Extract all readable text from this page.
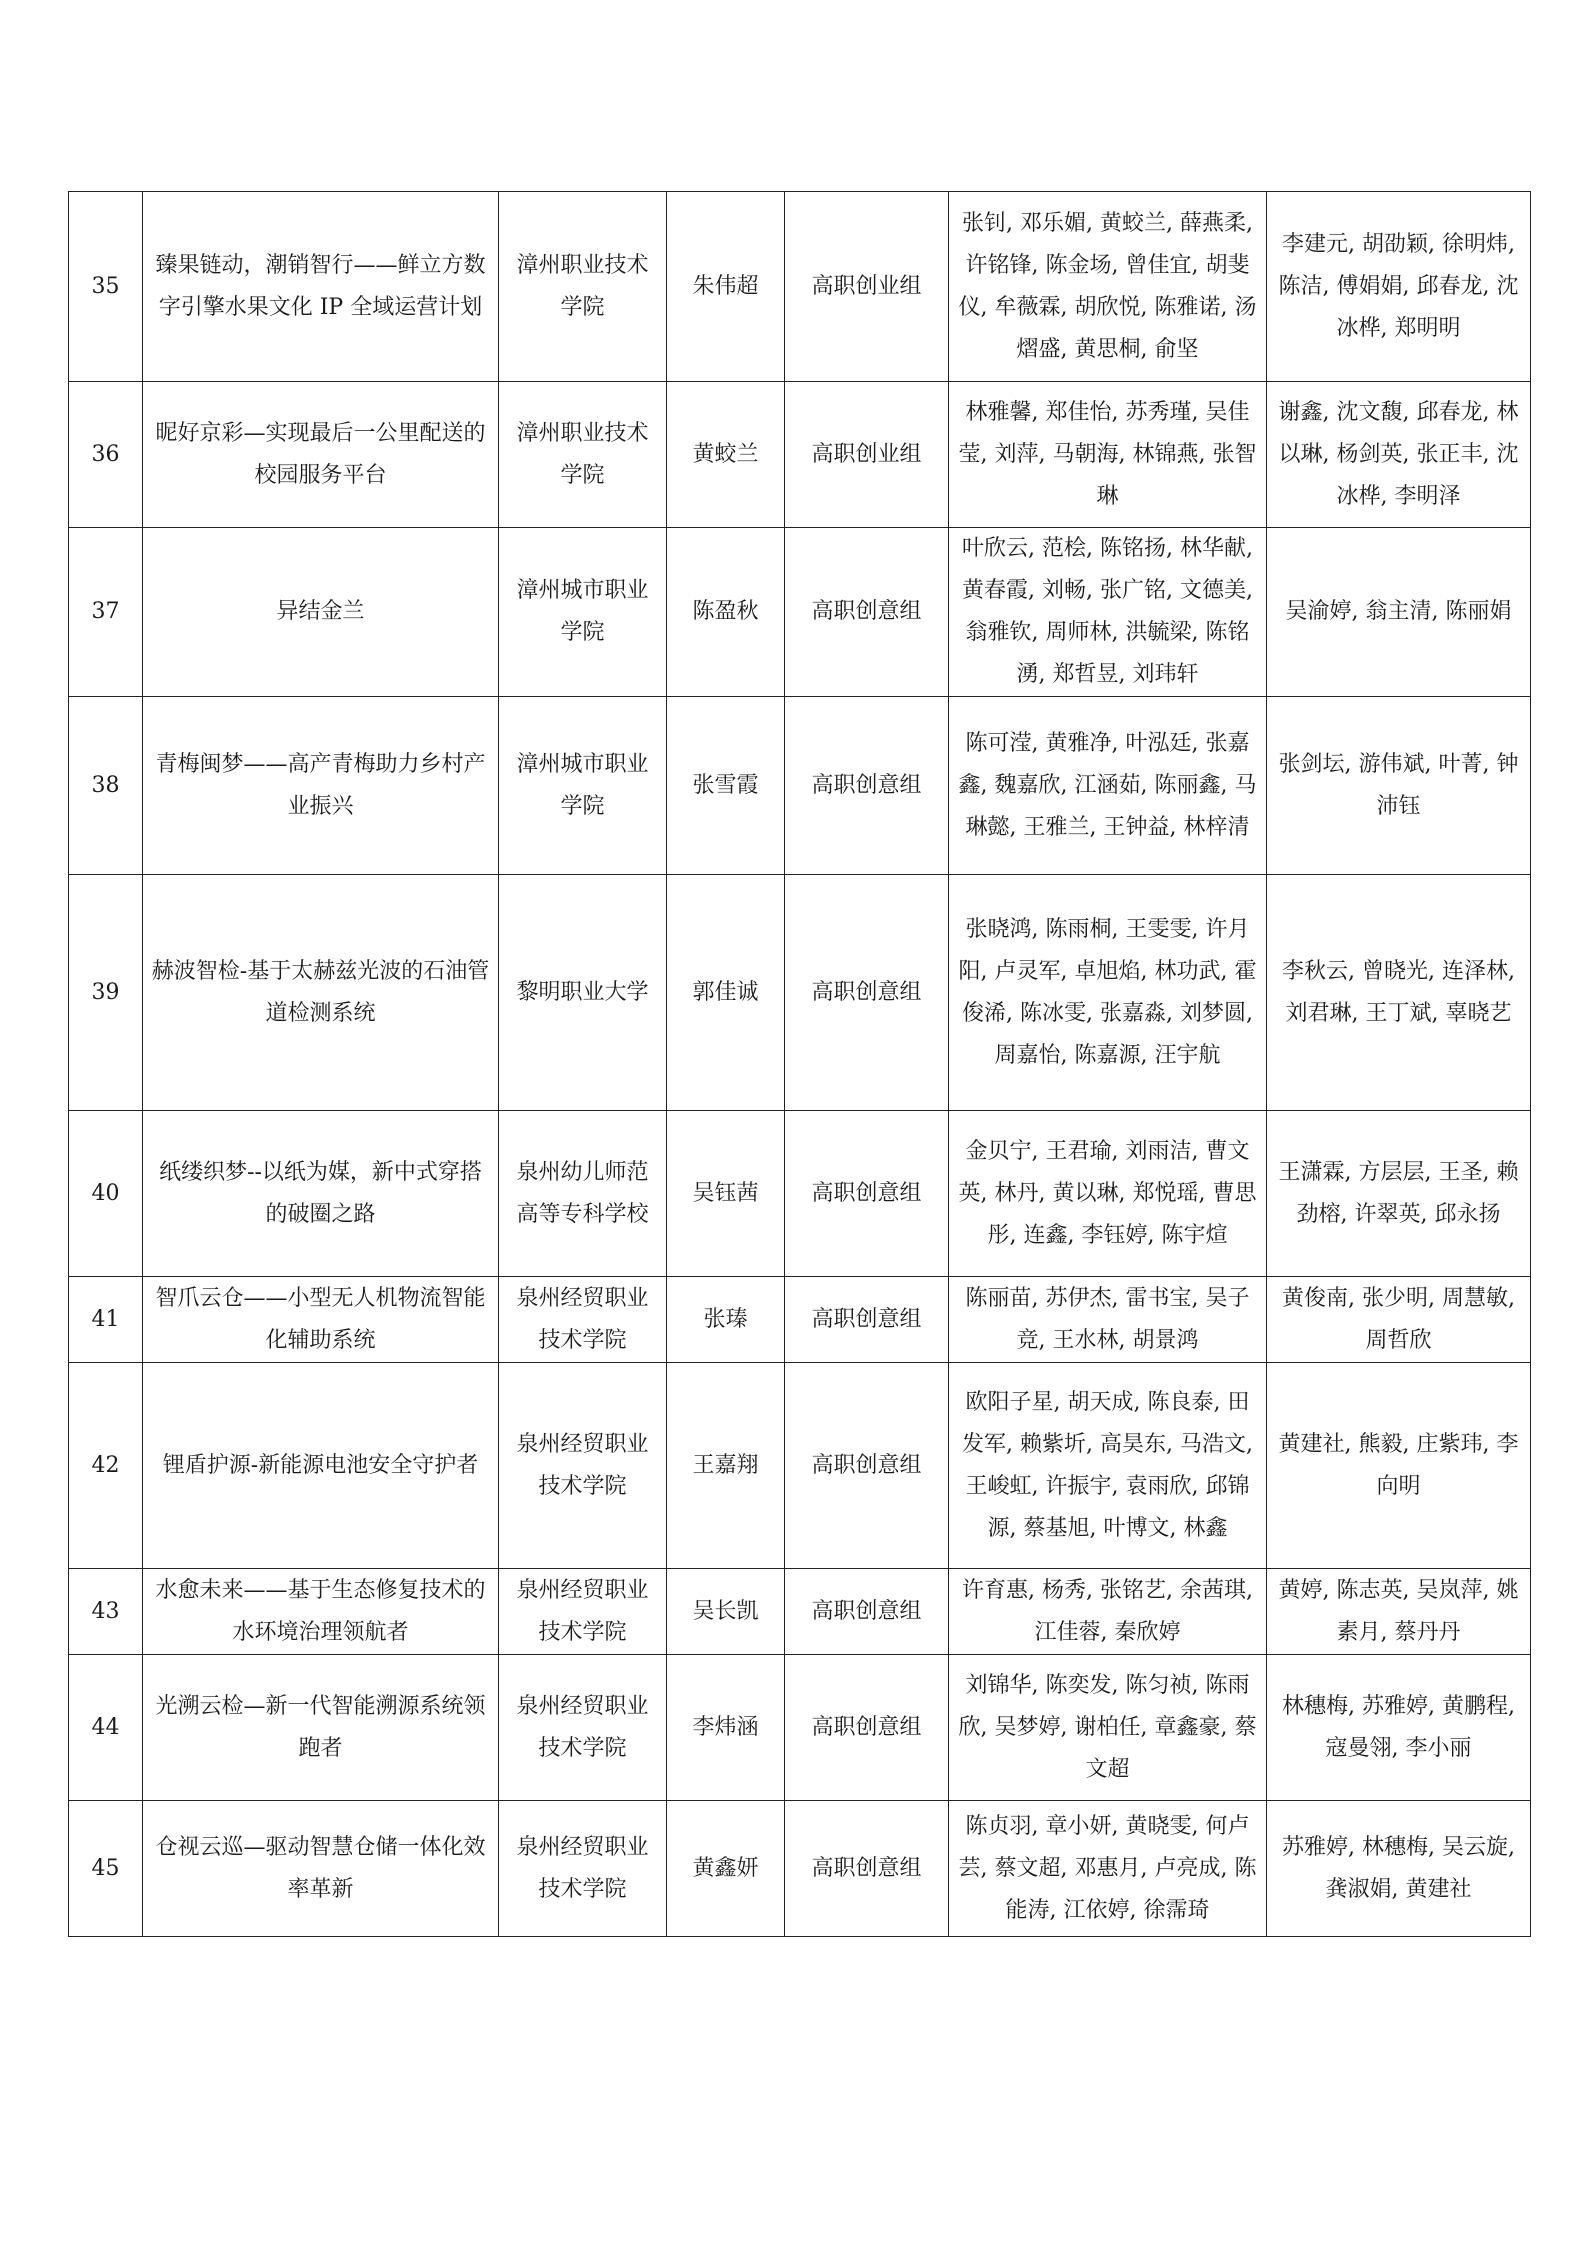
35	臻果链动，潮销智行——鲜立方数字引擎水果文化 IP 全域运营计划	漳州职业技术学院	朱伟超	高职创业组	张钊, 邓乐媚, 黄蛟兰, 薛燕柔, 许铭锋, 陈金场, 曾佳宜, 胡斐仪, 牟薇霖, 胡欣悦, 陈雅诺, 汤熠盛, 黄思桐, 俞坚	李建元, 胡劭颖, 徐明炜, 陈洁, 傅娟娟, 邱春龙, 沈冰桦, 郑明明
36	昵好京彩—实现最后一公里配送的校园服务平台	漳州职业技术学院	黄蛟兰	高职创业组	林雅馨, 郑佳怡, 苏秀瑾, 吴佳莹, 刘萍, 马朝海, 林锦燕, 张智琳	谢鑫, 沈文馥, 邱春龙, 林以琳, 杨剑英, 张正丰, 沈冰桦, 李明泽
37	异结金兰	漳州城市职业学院	陈盈秋	高职创意组	叶欣云, 范桧, 陈铭扬, 林华献, 黄春霞, 刘畅, 张广铭, 文德美, 翁雅钦, 周师林, 洪毓梁, 陈铭湧, 郑哲昱, 刘玮轩	吴渝婷, 翁主清, 陈丽娟
38	青梅闽梦——高产青梅助力乡村产业振兴	漳州城市职业学院	张雪霞	高职创意组	陈可滢, 黄雅净, 叶泓廷, 张嘉鑫, 魏嘉欣, 江涵茹, 陈丽鑫, 马琳懿, 王雅兰, 王钟益, 林梓清	张剑坛, 游伟斌, 叶菁, 钟沛钰
39	赫波智检-基于太赫兹光波的石油管道检测系统	黎明职业大学	郭佳诚	高职创意组	张晓鸿, 陈雨桐, 王雯雯, 许月阳, 卢灵军, 卓旭焰, 林功武, 霍俊浠, 陈冰雯, 张嘉淼, 刘梦圆, 周嘉怡, 陈嘉源, 汪宇航	李秋云, 曾晓光, 连泽林, 刘君琳, 王丁斌, 辜晓艺
40	纸缕织梦--以纸为媒，新中式穿搭的破圈之路	泉州幼儿师范高等专科学校	吴钰茜	高职创意组	金贝宁, 王君瑜, 刘雨洁, 曹文英, 林丹, 黄以琳, 郑悦瑶, 曹思彤, 连鑫, 李钰婷, 陈宇煊	王潇霖, 方层层, 王圣, 赖劲榕, 许翠英, 邱永扬
41	智爪云仓——小型无人机物流智能化辅助系统	泉州经贸职业技术学院	张瑧	高职创意组	陈丽苗, 苏伊杰, 雷书宝, 吴子竞, 王水林, 胡景鸿	黄俊南, 张少明, 周慧敏, 周哲欣
42	锂盾护源-新能源电池安全守护者	泉州经贸职业技术学院	王嘉翔	高职创意组	欧阳子星, 胡天成, 陈良泰, 田发军, 赖紫圻, 高昊东, 马浩文, 王峻虹, 许振宇, 袁雨欣, 邱锦源, 蔡基旭, 叶博文, 林鑫	黄建社, 熊毅, 庄紫玮, 李向明
43	水愈未来——基于生态修复技术的水环境治理领航者	泉州经贸职业技术学院	吴长凯	高职创意组	许育惠, 杨秀, 张铭艺, 余茜琪, 江佳蓉, 秦欣婷	黄婷, 陈志英, 吴岚萍, 姚素月, 蔡丹丹
44	光溯云检—新一代智能溯源系统领跑者	泉州经贸职业技术学院	李炜涵	高职创意组	刘锦华, 陈奕发, 陈匀祯, 陈雨欣, 吴梦婷, 谢柏任, 章鑫豪, 蔡文超	林穗梅, 苏雅婷, 黄鹏程, 寇曼翎, 李小丽
45	仓视云巡—驱动智慧仓储一体化效率革新	泉州经贸职业技术学院	黄鑫妍	高职创意组	陈贞羽, 章小妍, 黄晓雯, 何卢芸, 蔡文超, 邓惠月, 卢亮成, 陈能涛, 江依婷, 徐霈琦	苏雅婷, 林穗梅, 吴云旋, 龚淑娟, 黄建社
